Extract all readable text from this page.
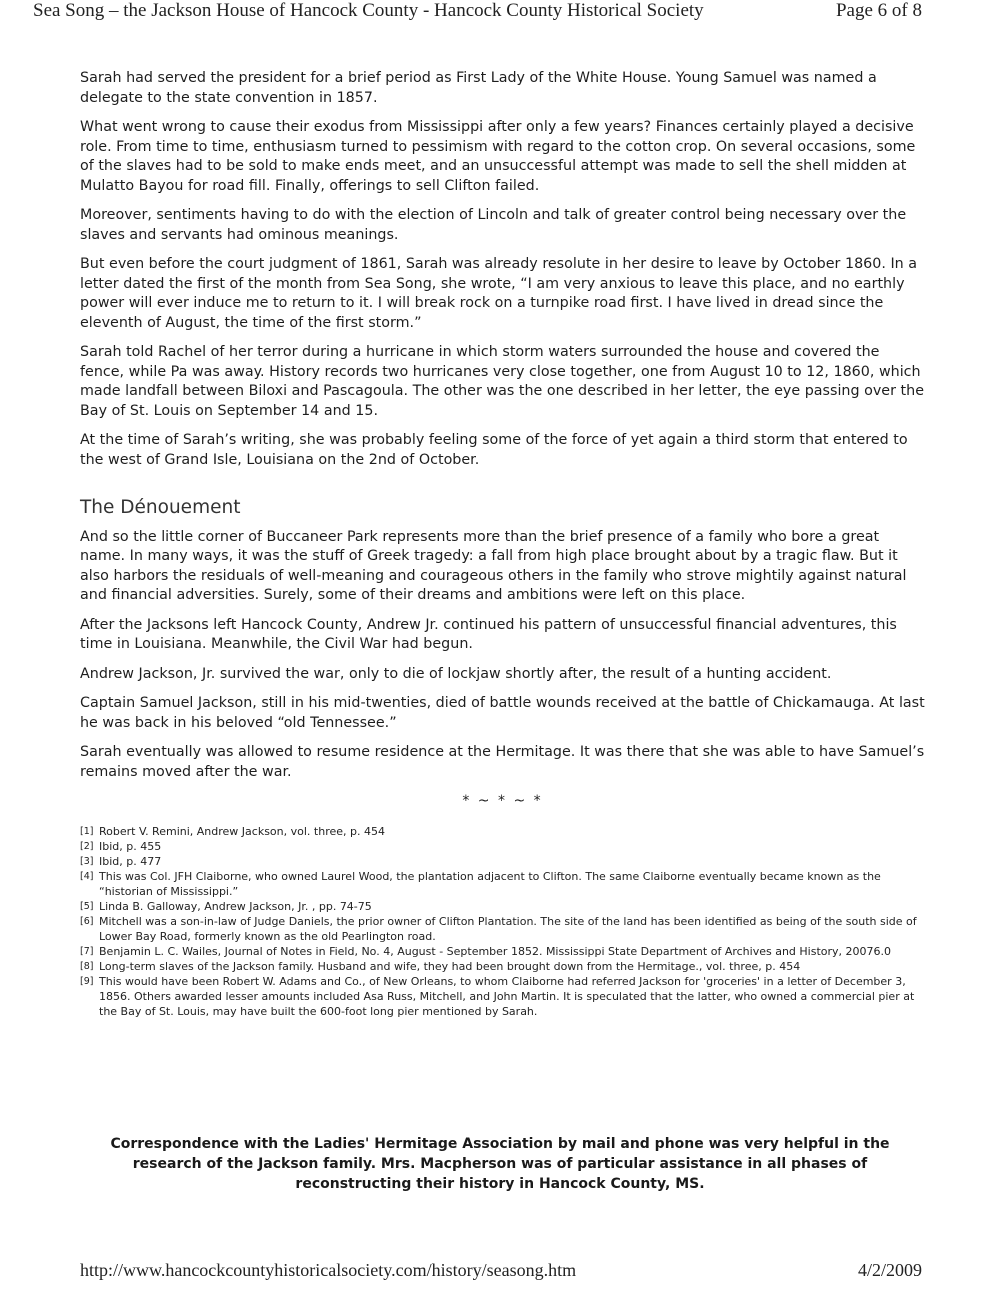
Sea Song – the Jackson House of Hancock County - Hancock County Historical Society	Page 6 of 8

Sarah had served the president for a brief period as First Lady of the White House. Young Samuel was named a delegate to the state convention in 1857.

What went wrong to cause their exodus from Mississippi after only a few years? Finances certainly played a decisive role. From time to time, enthusiasm turned to pessimism with regard to the cotton crop. On several occasions, some of the slaves had to be sold to make ends meet, and an unsuccessful attempt was made to sell the shell midden at Mulatto Bayou for road fill. Finally, offerings to sell Clifton failed.

Moreover, sentiments having to do with the election of Lincoln and talk of greater control being necessary over the slaves and servants had ominous meanings.

But even before the court judgment of 1861, Sarah was already resolute in her desire to leave by October 1860. In a letter dated the first of the month from Sea Song, she wrote, “I am very anxious to leave this place, and no earthly power will ever induce me to return to it. I will break rock on a turnpike road first. I have lived in dread since the eleventh of August, the time of the first storm.”

Sarah told Rachel of her terror during a hurricane in which storm waters surrounded the house and covered the fence, while Pa was away. History records two hurricanes very close together, one from August 10 to 12, 1860, which made landfall between Biloxi and Pascagoula. The other was the one described in her letter, the eye passing over the Bay of St. Louis on September 14 and 15.

At the time of Sarah’s writing, she was probably feeling some of the force of yet again a third storm that entered to the west of Grand Isle, Louisiana on the 2nd of October.

The Dénouement

And so the little corner of Buccaneer Park represents more than the brief presence of a family who bore a great name. In many ways, it was the stuff of Greek tragedy: a fall from high place brought about by a tragic flaw. But it also harbors the residuals of well-meaning and courageous others in the family who strove mightily against natural and financial adversities. Surely, some of their dreams and ambitions were left on this place.

After the Jacksons left Hancock County, Andrew Jr. continued his pattern of unsuccessful financial adventures, this time in Louisiana. Meanwhile, the Civil War had begun.

Andrew Jackson, Jr. survived the war, only to die of lockjaw shortly after, the result of a hunting accident.

Captain Samuel Jackson, still in his mid-twenties, died of battle wounds received at the battle of Chickamauga. At last he was back in his beloved “old Tennessee.”

Sarah eventually was allowed to resume residence at the Hermitage. It was there that she was able to have Samuel’s remains moved after the war.

* ~ * ~ *
[1] Robert V. Remini, Andrew Jackson, vol. three, p. 454
[2] Ibid, p. 455
[3] Ibid, p. 477
[4] This was Col. JFH Claiborne, who owned Laurel Wood, the plantation adjacent to Clifton. The same Claiborne eventually became known as the “historian of Mississippi.”
[5] Linda B. Galloway, Andrew Jackson, Jr. , pp. 74-75
[6] Mitchell was a son-in-law of Judge Daniels, the prior owner of Clifton Plantation. The site of the land has been identified as being of the south side of Lower Bay Road, formerly known as the old Pearlington road.
[7] Benjamin L. C. Wailes, Journal of Notes in Field, No. 4, August - September 1852. Mississippi State Department of Archives and History, 20076.0
[8] Long-term slaves of the Jackson family. Husband and wife, they had been brought down from the Hermitage., vol. three, p. 454
[9] This would have been Robert W. Adams and Co., of New Orleans, to whom Claiborne had referred Jackson for 'groceries' in a letter of December 3, 1856. Others awarded lesser amounts included Asa Russ, Mitchell, and John Martin. It is speculated that the latter, who owned a commercial pier at the Bay of St. Louis, may have built the 600-foot long pier mentioned by Sarah.
Correspondence with the Ladies' Hermitage Association by mail and phone was very helpful in the research of the Jackson family. Mrs. Macpherson was of particular assistance in all phases of reconstructing their history in Hancock County, MS.
http://www.hancockcountyhistoricalsociety.com/history/seasong.htm	4/2/2009
